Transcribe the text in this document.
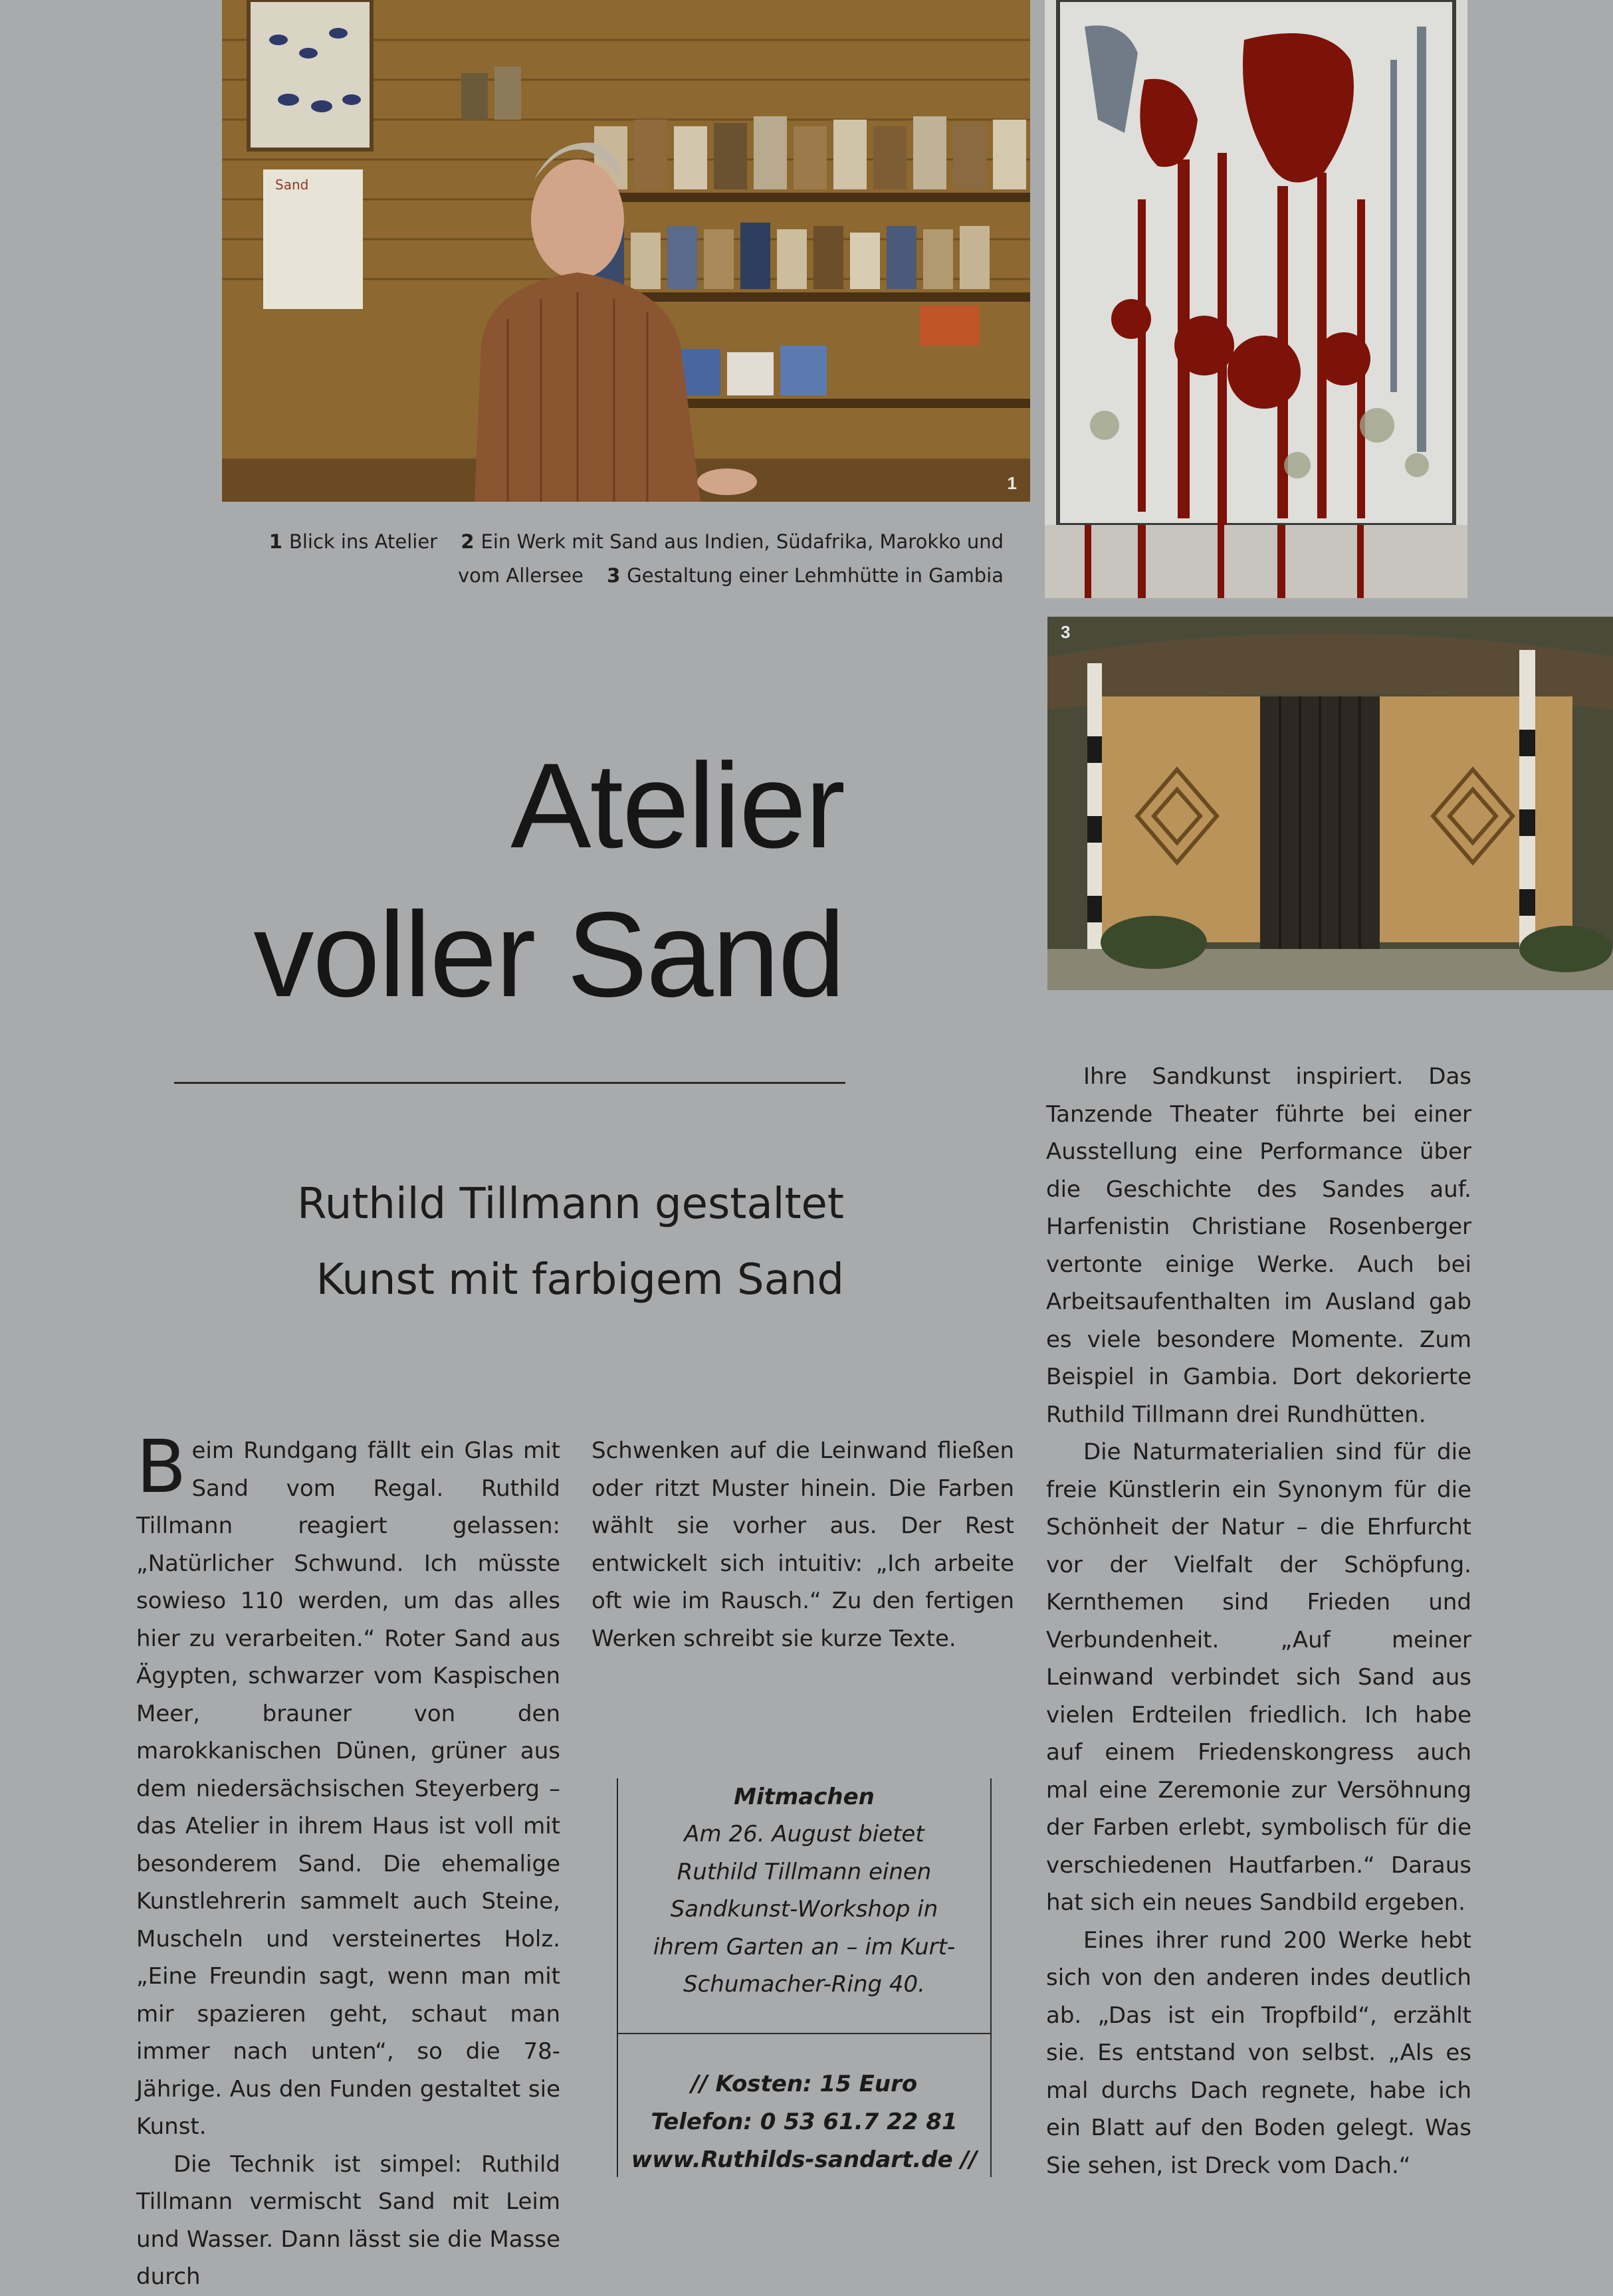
Sand
1
3
1 Blick ins Atelier 2 Ein Werk mit Sand aus Indien, Südafrika, Marokko und
vom Allersee 3 Gestaltung einer Lehmhütte in Gambia
Atelier
voller Sand
Ruthild Tillmann gestaltet
Kunst mit farbigem Sand

Beim Rundgang fällt ein Glas mit Sand vom Regal. Ruthild Tillmann reagiert gelassen: „Natürlicher Schwund. Ich müsste sowieso 110 werden, um das alles hier zu verarbeiten.“ Roter Sand aus Ägypten, schwarzer vom Kaspischen Meer, brauner von den marokkanischen Dünen, grüner aus dem niedersächsischen Steyerberg – das Atelier in ihrem Haus ist voll mit besonderem Sand. Die ehemalige Kunstlehrerin sammelt auch Steine, Muscheln und versteinertes Holz. „Eine Freundin sagt, wenn man mit mir spazieren geht, schaut man immer nach unten“, so die 78-Jährige. Aus den Funden gestaltet sie Kunst.

Die Technik ist simpel: Ruthild Tillmann vermischt Sand mit Leim und Wasser. Dann lässt sie die Masse durch

Schwenken auf die Leinwand fließen oder ritzt Muster hinein. Die Farben wählt sie vorher aus. Der Rest entwickelt sich intuitiv: „Ich arbeite oft wie im Rausch.“ Zu den fertigen Werken schreibt sie kurze Texte.

Mitmachen
Am 26. August bietet
Ruthild Tillmann einen
Sandkunst-Workshop in
ihrem Garten an – im Kurt-
Schumacher-Ring 40.
// Kosten: 15 Euro
Telefon: 0 53 61.7 22 81
www.Ruthilds-sandart.de //

Ihre Sandkunst inspiriert. Das Tanzende Theater führte bei einer Ausstellung eine Performance über die Geschichte des Sandes auf. Harfenistin Christiane Rosenberger vertonte einige Werke. Auch bei Arbeitsaufenthalten im Ausland gab es viele besondere Momente. Zum Beispiel in Gambia. Dort dekorierte Ruthild Tillmann drei Rundhütten.

Die Naturmaterialien sind für die freie Künstlerin ein Synonym für die Schönheit der Natur – die Ehrfurcht vor der Vielfalt der Schöpfung. Kernthemen sind Frieden und Verbundenheit. „Auf meiner Leinwand verbindet sich Sand aus vielen Erdteilen friedlich. Ich habe auf einem Friedenskongress auch mal eine Zeremonie zur Versöhnung der Farben erlebt, symbolisch für die verschiedenen Hautfarben.“ Daraus hat sich ein neues Sandbild ergeben.

Eines ihrer rund 200 Werke hebt sich von den anderen indes deutlich ab. „Das ist ein Tropfbild“, erzählt sie. Es entstand von selbst. „Als es mal durchs Dach regnete, habe ich ein Blatt auf den Boden gelegt. Was Sie sehen, ist Dreck vom Dach.“
